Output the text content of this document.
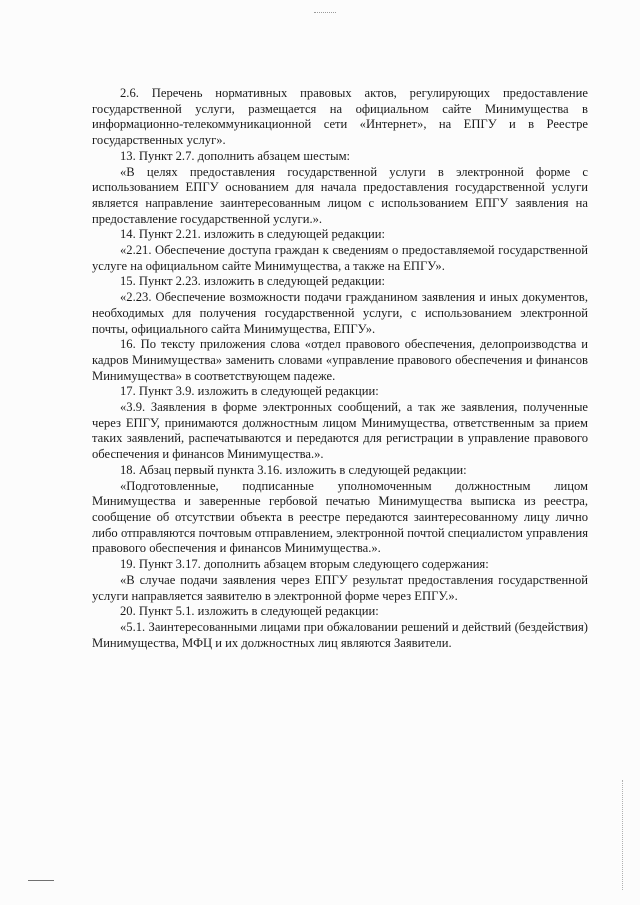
2.6. Перечень нормативных правовых актов, регулирующих предоставление государственной услуги, размещается на официальном сайте Минимущества в информационно-телекоммуникационной сети «Интернет», на ЕПГУ и в Реестре государственных услуг».

13. Пункт 2.7. дополнить абзацем шестым:

«В целях предоставления государственной услуги в электронной форме с использованием ЕПГУ основанием для начала предоставления государственной услуги является направление заинтересованным лицом с использованием ЕПГУ заявления на предоставление государственной услуги.».

14. Пункт 2.21. изложить в следующей редакции:

«2.21. Обеспечение доступа граждан к сведениям о предоставляемой государственной услуге на официальном сайте Минимущества, а также на ЕПГУ».

15. Пункт 2.23. изложить в следующей редакции:

«2.23. Обеспечение возможности подачи гражданином заявления и иных документов, необходимых для получения государственной услуги, с использованием электронной почты, официального сайта Минимущества, ЕПГУ».

16. По тексту приложения слова «отдел правового обеспечения, делопроизводства и кадров Минимущества» заменить словами «управление правового обеспечения и финансов Минимущества» в соответствующем падеже.

17. Пункт 3.9. изложить в следующей редакции:

«3.9. Заявления в форме электронных сообщений, а так же заявления, полученные через ЕПГУ, принимаются должностным лицом Минимущества, ответственным за прием таких заявлений, распечатываются и передаются для регистрации в управление правового обеспечения и финансов Минимущества.».

18. Абзац первый пункта 3.16. изложить в следующей редакции:

«Подготовленные, подписанные уполномоченным должностным лицом Минимущества и заверенные гербовой печатью Минимущества выписка из реестра, сообщение об отсутствии объекта в реестре передаются заинтересованному лицу лично либо отправляются почтовым отправлением, электронной почтой специалистом управления правового обеспечения и финансов Минимущества.».

19. Пункт 3.17. дополнить абзацем вторым следующего содержания:

«В случае подачи заявления через ЕПГУ результат предоставления государственной услуги направляется заявителю в электронной форме через ЕПГУ.».

20. Пункт 5.1. изложить в следующей редакции:

«5.1. Заинтересованными лицами при обжаловании решений и действий (бездействия) Минимущества, МФЦ и их должностных лиц являются Заявители.
